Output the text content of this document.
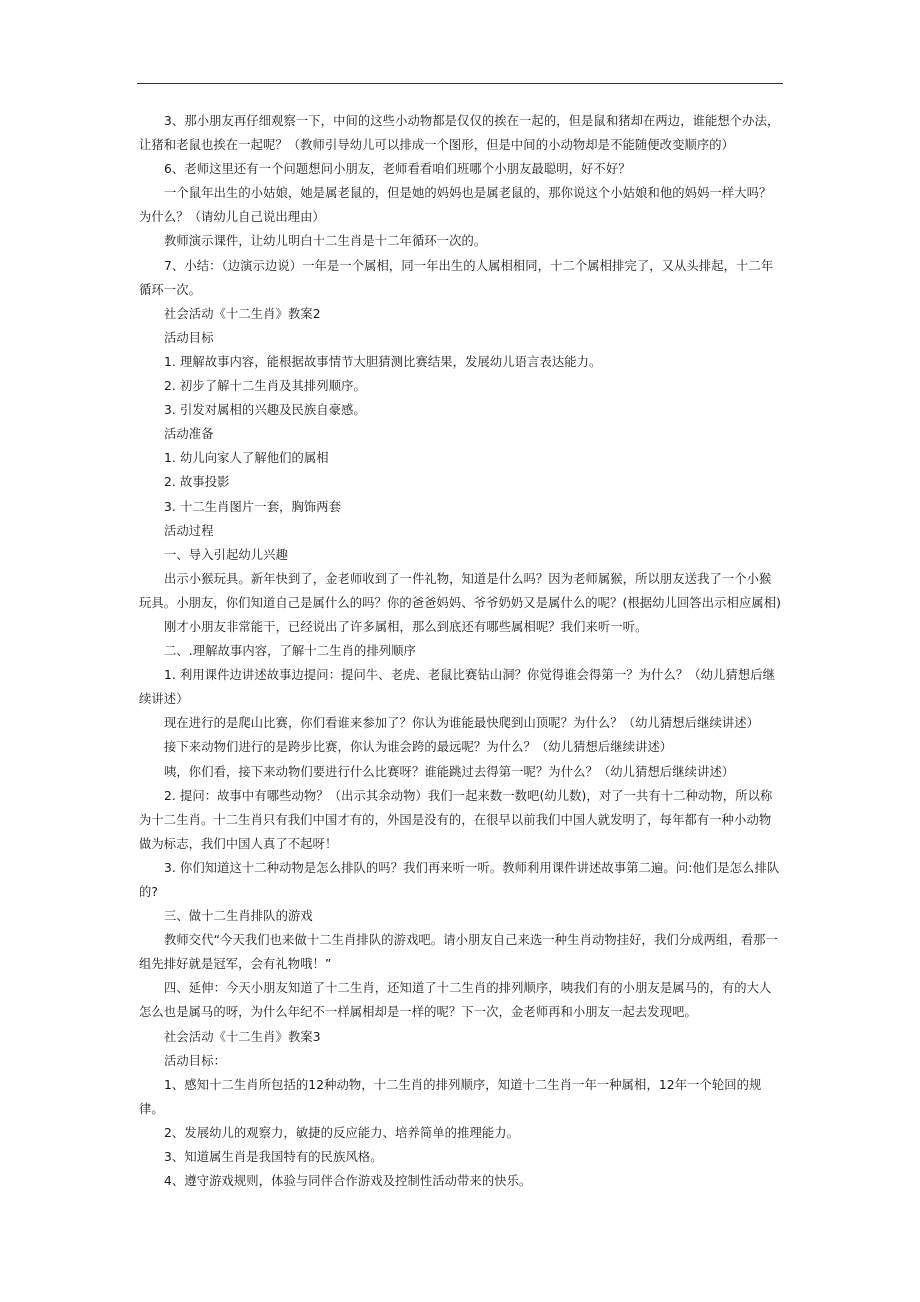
3、那小朋友再仔细观察一下，中间的这些小动物都是仅仅的挨在一起的，但是鼠和猪却在两边，谁能想个办法，让猪和老鼠也挨在一起呢？（教师引导幼儿可以排成一个图形，但是中间的小动物却是不能随便改变顺序的）

6、老师这里还有一个问题想问小朋友，老师看看咱们班哪个小朋友最聪明，好不好？

一个鼠年出生的小姑娘，她是属老鼠的，但是她的妈妈也是属老鼠的，那你说这个小姑娘和他的妈妈一样大吗？为什么？（请幼儿自己说出理由）

教师演示课件，让幼儿明白十二生肖是十二年循环一次的。

7、小结：（边演示边说）一年是一个属相，同一年出生的人属相相同，十二个属相排完了，又从头排起，十二年循环一次。

社会活动《十二生肖》教案2

活动目标

1. 理解故事内容，能根据故事情节大胆猜测比赛结果，发展幼儿语言表达能力。

2. 初步了解十二生肖及其排列顺序。

3. 引发对属相的兴趣及民族自豪感。

活动准备

1. 幼儿向家人了解他们的属相

2. 故事投影

3. 十二生肖图片一套，胸饰两套

活动过程

一、导入引起幼儿兴趣

出示小猴玩具。新年快到了，金老师收到了一件礼物，知道是什么吗？因为老师属猴，所以朋友送我了一个小猴玩具。小朋友，你们知道自己是属什么的吗？你的爸爸妈妈、爷爷奶奶又是属什么的呢？(根据幼儿回答出示相应属相)

刚才小朋友非常能干，已经说出了许多属相，那么到底还有哪些属相呢？我们来听一听。

二、.理解故事内容，了解十二生肖的排列顺序

1. 利用课件边讲述故事边提问：提问牛、老虎、老鼠比赛钻山洞？你觉得谁会得第一？为什么？（幼儿猜想后继续讲述）

现在进行的是爬山比赛，你们看谁来参加了？你认为谁能最快爬到山顶呢？为什么？（幼儿猜想后继续讲述）

接下来动物们进行的是跨步比赛，你认为谁会跨的最远呢？为什么？（幼儿猜想后继续讲述）

咦，你们看，接下来动物们要进行什么比赛呀？谁能跳过去得第一呢？为什么？（幼儿猜想后继续讲述）

2. 提问：故事中有哪些动物？（出示其余动物）我们一起来数一数吧(幼儿数)，对了一共有十二种动物，所以称为十二生肖。十二生肖只有我们中国才有的，外国是没有的，在很早以前我们中国人就发明了，每年都有一种小动物做为标志，我们中国人真了不起呀！

3. 你们知道这十二种动物是怎么排队的吗？我们再来听一听。教师利用课件讲述故事第二遍。问:他们是怎么排队的?

三、做十二生肖排队的游戏

教师交代“今天我们也来做十二生肖排队的游戏吧。请小朋友自己来选一种生肖动物挂好，我们分成两组，看那一组先排好就是冠军，会有礼物哦！”

四、延伸：今天小朋友知道了十二生肖，还知道了十二生肖的排列顺序，咦我们有的小朋友是属马的，有的大人怎么也是属马的呀，为什么年纪不一样属相却是一样的呢？下一次，金老师再和小朋友一起去发现吧。

社会活动《十二生肖》教案3

活动目标：

1、感知十二生肖所包括的12种动物，十二生肖的排列顺序，知道十二生肖一年一种属相，12年一个轮回的规律。

2、发展幼儿的观察力，敏捷的反应能力、培养简单的推理能力。

3、知道属生肖是我国特有的民族风格。

4、遵守游戏规则，体验与同伴合作游戏及控制性活动带来的快乐。
